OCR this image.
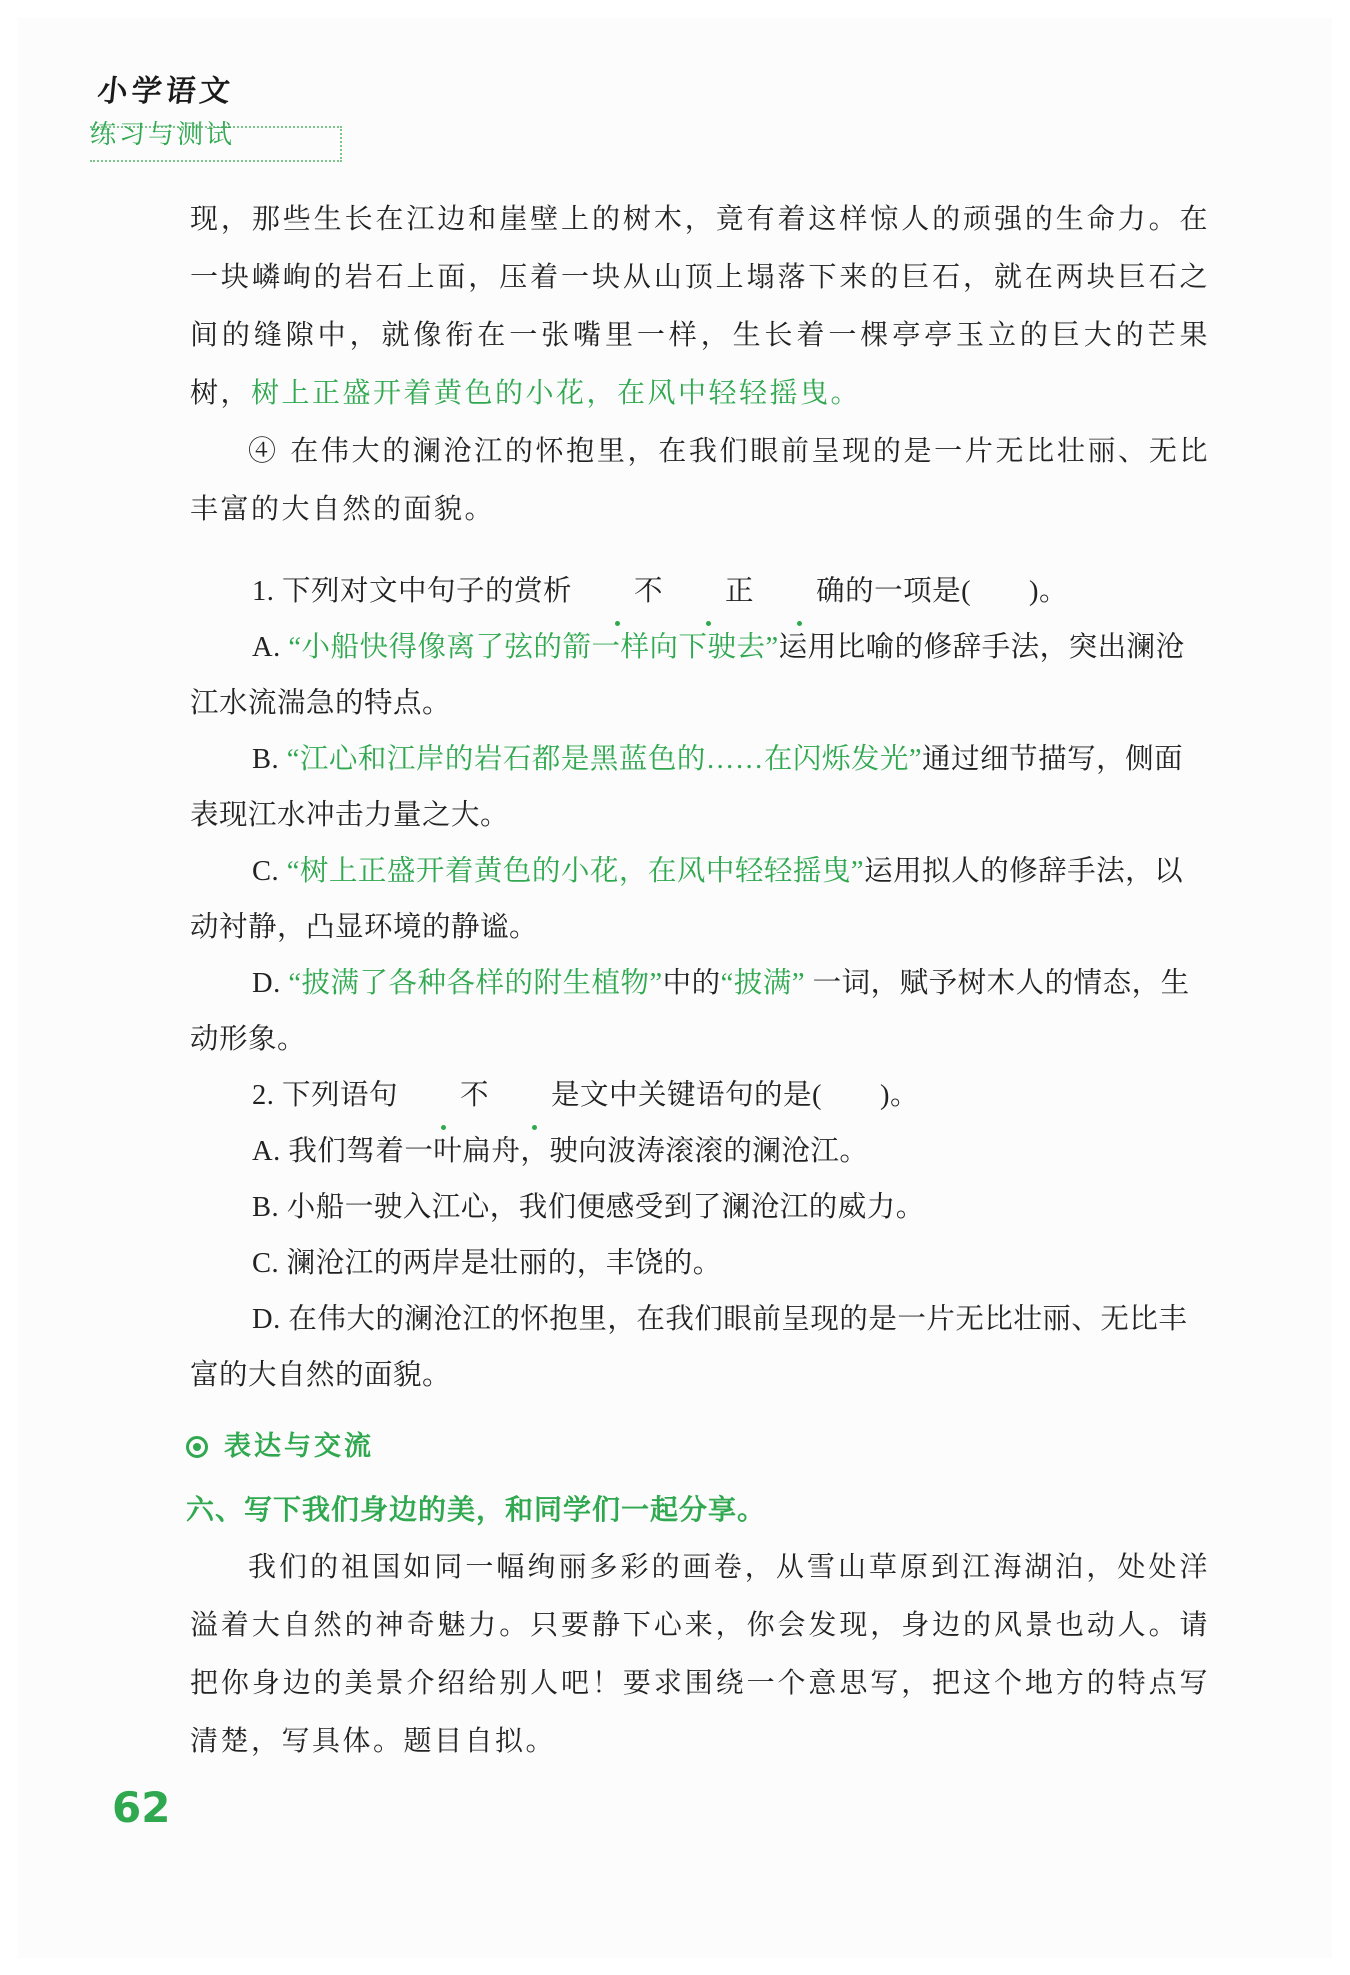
小学语文
练习与测试

现，那些生长在江边和崖壁上的树木，竟有着这样惊人的顽强的生命力。在一块嶙峋的岩石上面，压着一块从山顶上塌落下来的巨石，就在两块巨石之间的缝隙中，就像衔在一张嘴里一样，生长着一棵亭亭玉立的巨大的芒果树，树上正盛开着黄色的小花，在风中轻轻摇曳。

④ 在伟大的澜沧江的怀抱里，在我们眼前呈现的是一片无比壮丽、无比丰富的大自然的面貌。

1. 下列对文中句子的赏析 不 正 确的一项是(　　)。

A. “小船快得像离了弦的箭一样向下驶去”运用比喻的修辞手法，突出澜沧江水流湍急的特点。

B. “江心和江岸的岩石都是黑蓝色的……在闪烁发光”通过细节描写，侧面表现江水冲击力量之大。

C. “树上正盛开着黄色的小花，在风中轻轻摇曳”运用拟人的修辞手法，以动衬静，凸显环境的静谧。

D. “披满了各种各样的附生植物”中的“披满” 一词，赋予树木人的情态，生动形象。

2. 下列语句 不 是文中关键语句的是(　　)。

A. 我们驾着一叶扁舟，驶向波涛滚滚的澜沧江。

B. 小船一驶入江心，我们便感受到了澜沧江的威力。

C. 澜沧江的两岸是壮丽的，丰饶的。

D. 在伟大的澜沧江的怀抱里，在我们眼前呈现的是一片无比壮丽、无比丰富的大自然的面貌。

表达与交流
六、写下我们身边的美，和同学们一起分享。

我们的祖国如同一幅绚丽多彩的画卷，从雪山草原到江海湖泊，处处洋溢着大自然的神奇魅力。只要静下心来，你会发现，身边的风景也动人。请把你身边的美景介绍给别人吧！要求围绕一个意思写，把这个地方的特点写清楚，写具体。题目自拟。

62
